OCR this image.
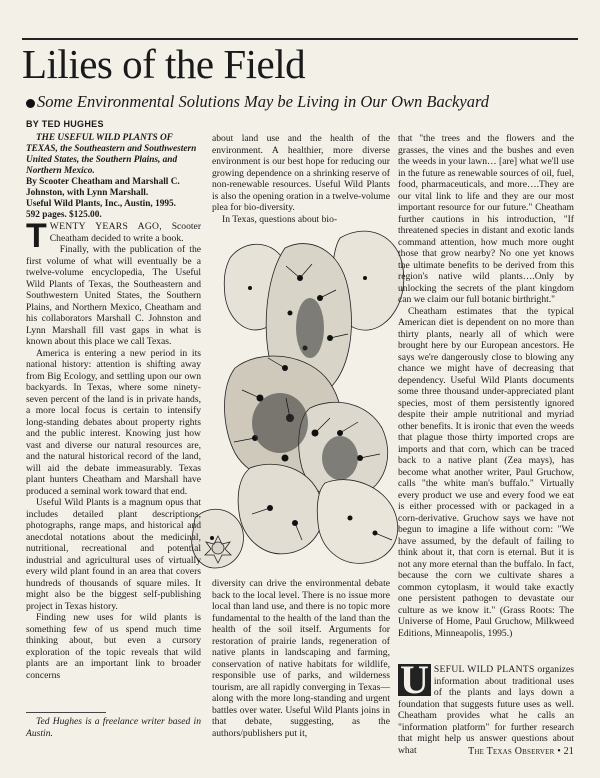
Lilies of the Field
Some Environmental Solutions May be Living in Our Own Backyard
BY TED HUGHES

THE USEFUL WILD PLANTS OF TEXAS, the Southeastern and Southwestern United States, the Southern Plains, and Northern Mexico.
By Scooter Cheatham and Marshall C. Johnston, with Lynn Marshall.
Useful Wild Plants, Inc., Austin, 1995.
592 pages. $125.00.

TWENTY YEARS AGO, Scooter Cheatham decided to write a book.

Finally, with the publication of the first volume of what will eventually be a twelve-volume encyclopedia, The Useful Wild Plants of Texas, the Southeastern and Southwestern United States, the Southern Plains, and Northern Mexico, Cheatham and his collaborators Marshall C. Johnston and Lynn Marshall fill vast gaps in what is known about this place we call Texas.

America is entering a new period in its national history: attention is shifting away from Big Ecology, and settling upon our own backyards. In Texas, where some ninety-seven percent of the land is in private hands, a more local focus is certain to intensify long-standing debates about property rights and the public interest. Knowing just how vast and diverse our natural resources are, and the natural historical record of the land, will aid the debate immeasurably. Texas plant hunters Cheatham and Marshall have produced a seminal work toward that end.

Useful Wild Plants is a magnum opus that includes detailed plant descriptions, photographs, range maps, and historical and anecdotal notations about the medicinal, nutritional, recreational and potential industrial and agricultural uses of virtually every wild plant found in an area that covers hundreds of thousands of square miles. It might also be the biggest self-publishing project in Texas history.

Finding new uses for wild plants is something few of us spend much time thinking about, but even a cursory exploration of the topic reveals that wild plants are an important link to broader concerns

Ted Hughes is a freelance writer based in Austin.

about land use and the health of the environment. A healthier, more diverse environment is our best hope for reducing our growing dependence on a shrinking reserve of non-renewable resources. Useful Wild Plants is also the opening oration in a twelve-volume plea for bio-diversity.

In Texas, questions about bio-

diversity can drive the environmental debate back to the local level. There is no issue more local than land use, and there is no topic more fundamental to the health of the land than the health of the soil itself. Arguments for restoration of prairie lands, regeneration of native plants in landscaping and farming, conservation of native habitats for wildlife, responsible use of parks, and wilderness tourism, are all rapidly converging in Texas—along with the more long-standing and urgent battles over water. Useful Wild Plants joins in that debate, suggesting, as the authors/publishers put it,

that "the trees and the flowers and the grasses, the vines and the bushes and even the weeds in your lawn… [are] what we'll use in the future as renewable sources of oil, fuel, food, pharmaceuticals, and more….They are our vital link to life and they are our most important resource for our future." Cheatham further cautions in his introduction, "If threatened species in distant and exotic lands command attention, how much more ought those that grow nearby? No one yet knows the ultimate benefits to be derived from this region's native wild plants….Only by unlocking the secrets of the plant kingdom can we claim our full botanic birthright."

Cheatham estimates that the typical American diet is dependent on no more than thirty plants, nearly all of which were brought here by our European ancestors. He says we're dangerously close to blowing any chance we might have of decreasing that dependency. Useful Wild Plants documents some three thousand under-appreciated plant species, most of them persistently ignored despite their ample nutritional and myriad other benefits. It is ironic that even the weeds that plague those thirty imported crops are imports and that corn, which can be traced back to a native plant (Zea mays), has become what another writer, Paul Gruchow, calls "the white man's buffalo." Virtually every product we use and every food we eat is either processed with or packaged in a corn-derivative. Gruchow says we have not begun to imagine a life without corn: "We have assumed, by the default of failing to think about it, that corn is eternal. But it is not any more eternal than the buffalo. In fact, because the corn we cultivate shares a common cytoplasm, it would take exactly one persistent pathogen to devastate our culture as we know it." (Grass Roots: The Universe of Home, Paul Gruchow, Milkweed Editions, Minneapolis, 1995.)

U SEFUL WILD PLANTS organizes information about traditional uses of the plants and lays down a foundation that suggests future uses as well. Cheatham provides what he calls an "information platform" for further research that might help us answer questions about what	The Texas Observer • 21
